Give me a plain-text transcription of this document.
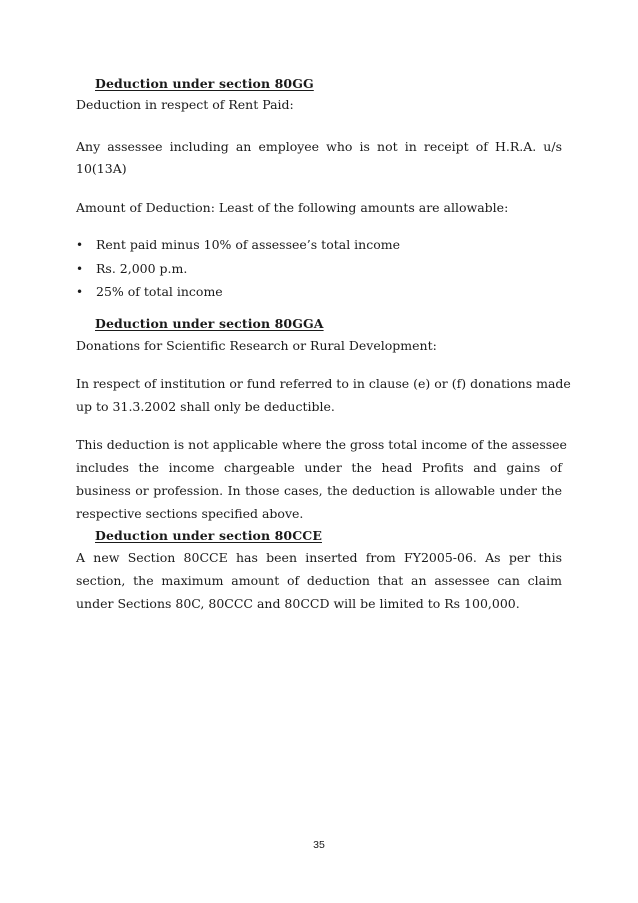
Deduction under section 80GG
Deduction in respect of Rent Paid:
Any assessee including an employee who is not in receipt of H.R.A. u/s
10(13A)
Amount of Deduction: Least of the following amounts are allowable:
• Rent paid minus 10% of assessee’s total income
• Rs. 2,000 p.m.
• 25% of total income
Deduction under section 80GGA
Donations for Scientific Research or Rural Development:
In respect of institution or fund referred to in clause (e) or (f) donations made
up to 31.3.2002 shall only be deductible.
This deduction is not applicable where the gross total income of the assessee
includes the income chargeable under the head Profits and gains of
business or profession. In those cases, the deduction is allowable under the
respective sections specified above.
Deduction under section 80CCE
A new Section 80CCE has been inserted from FY2005-06. As per this
section, the maximum amount of deduction that an assessee can claim
under Sections 80C, 80CCC and 80CCD will be limited to Rs 100,000.
35
